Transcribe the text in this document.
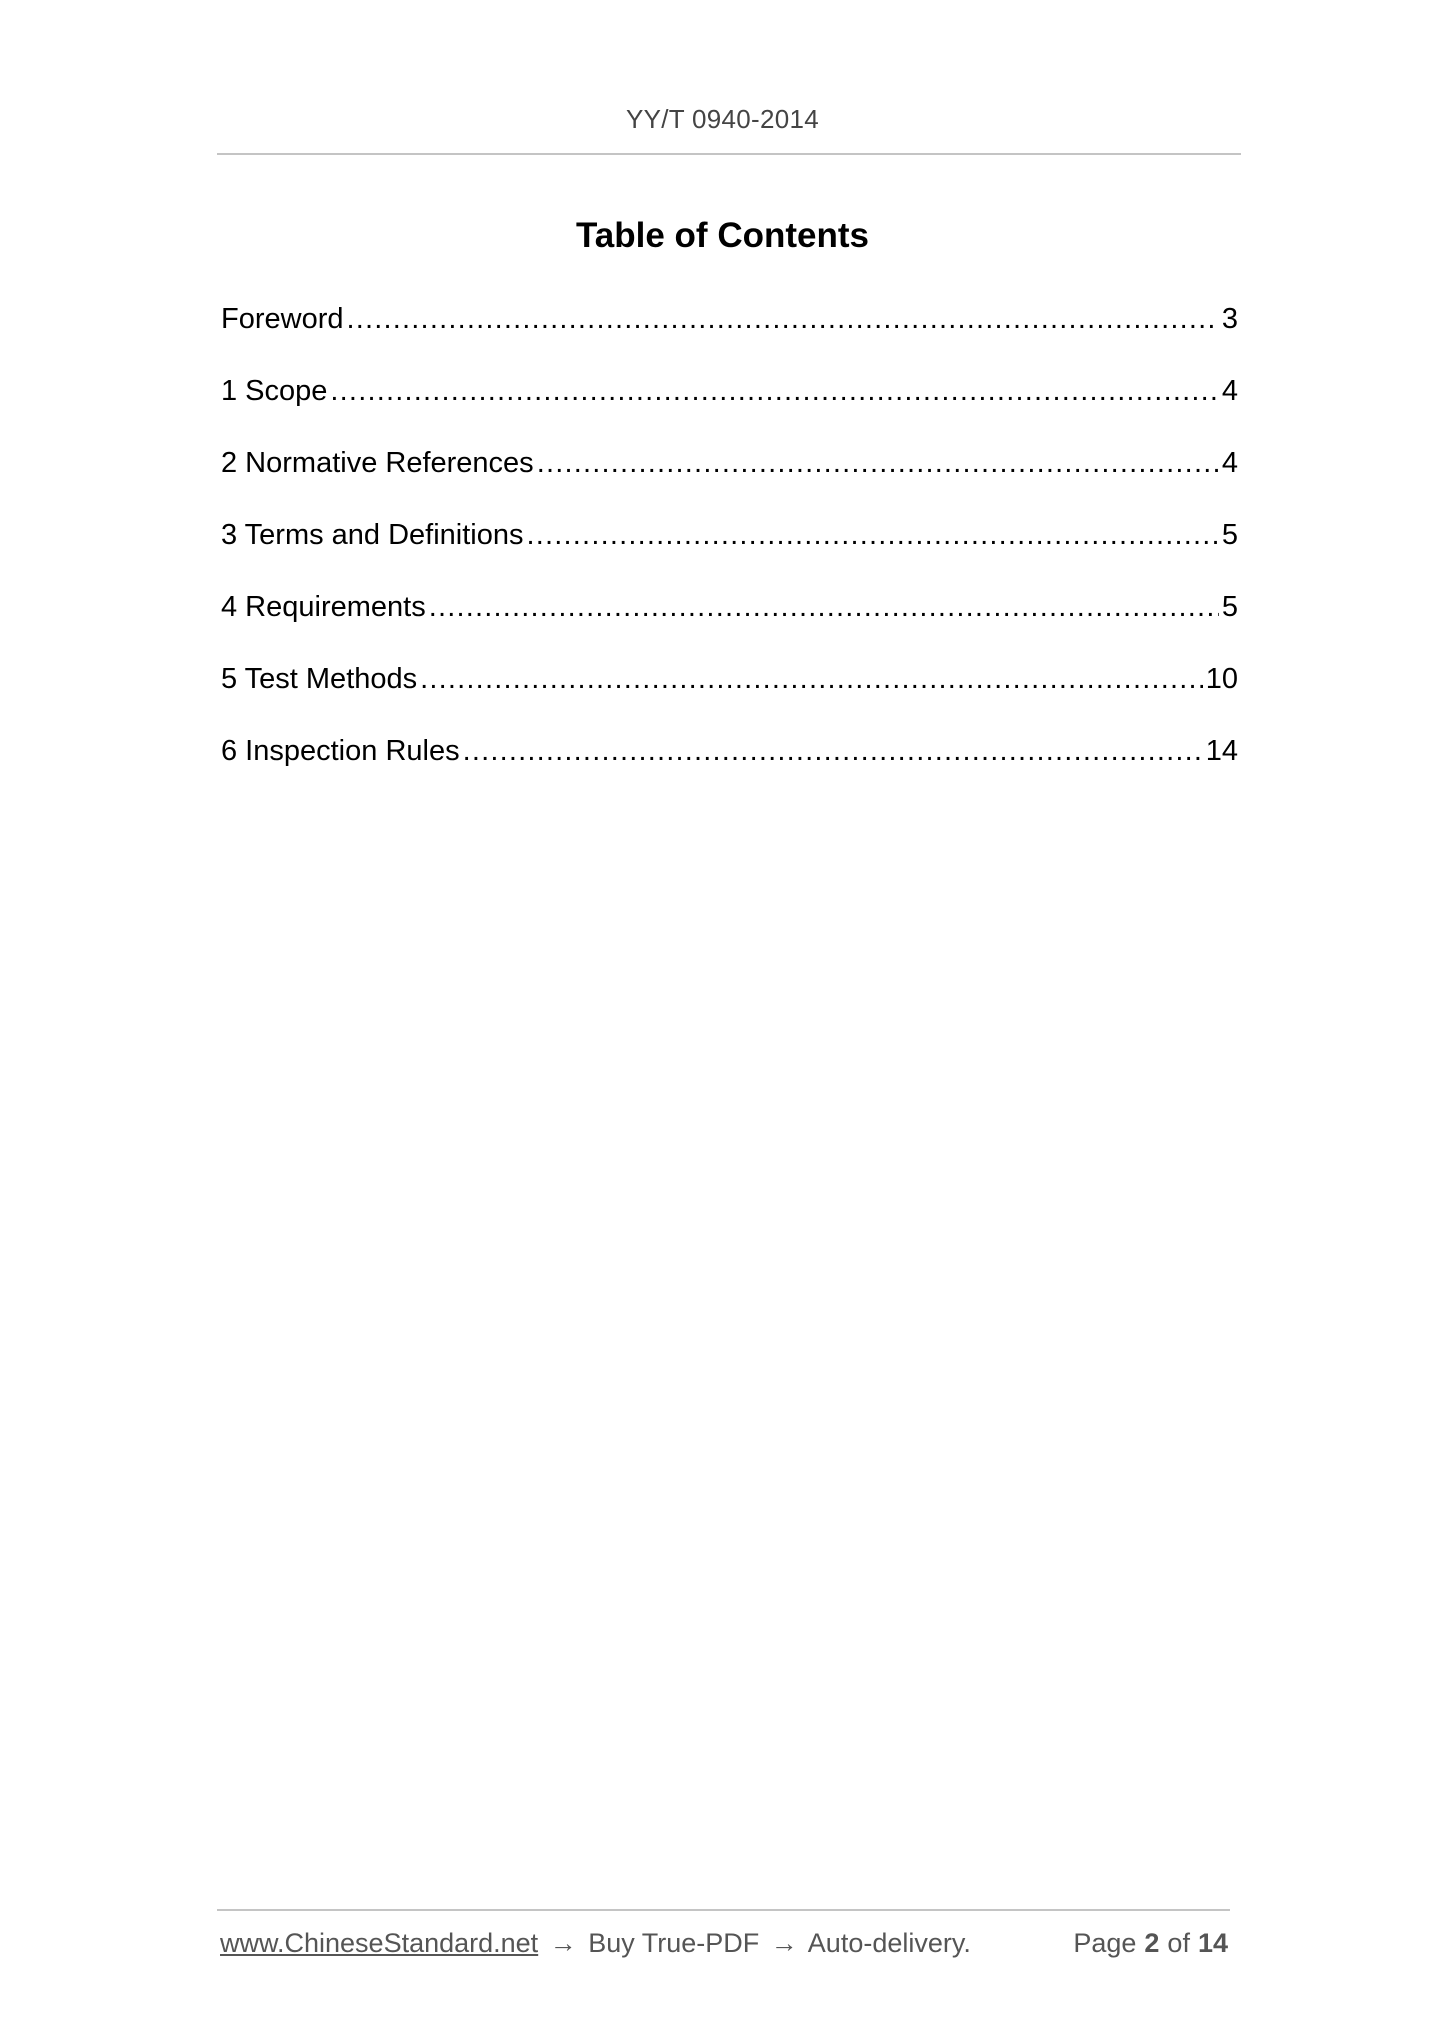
YY/T 0940-2014
Table of Contents
Foreword .....	3
1 Scope .....	4
2 Normative References .....	4
3 Terms and Definitions .....	5
4 Requirements .....	5
5 Test Methods .....	10
6 Inspection Rules .....	14
www.ChineseStandard.net → Buy True-PDF → Auto-delivery.	Page 2 of 14
